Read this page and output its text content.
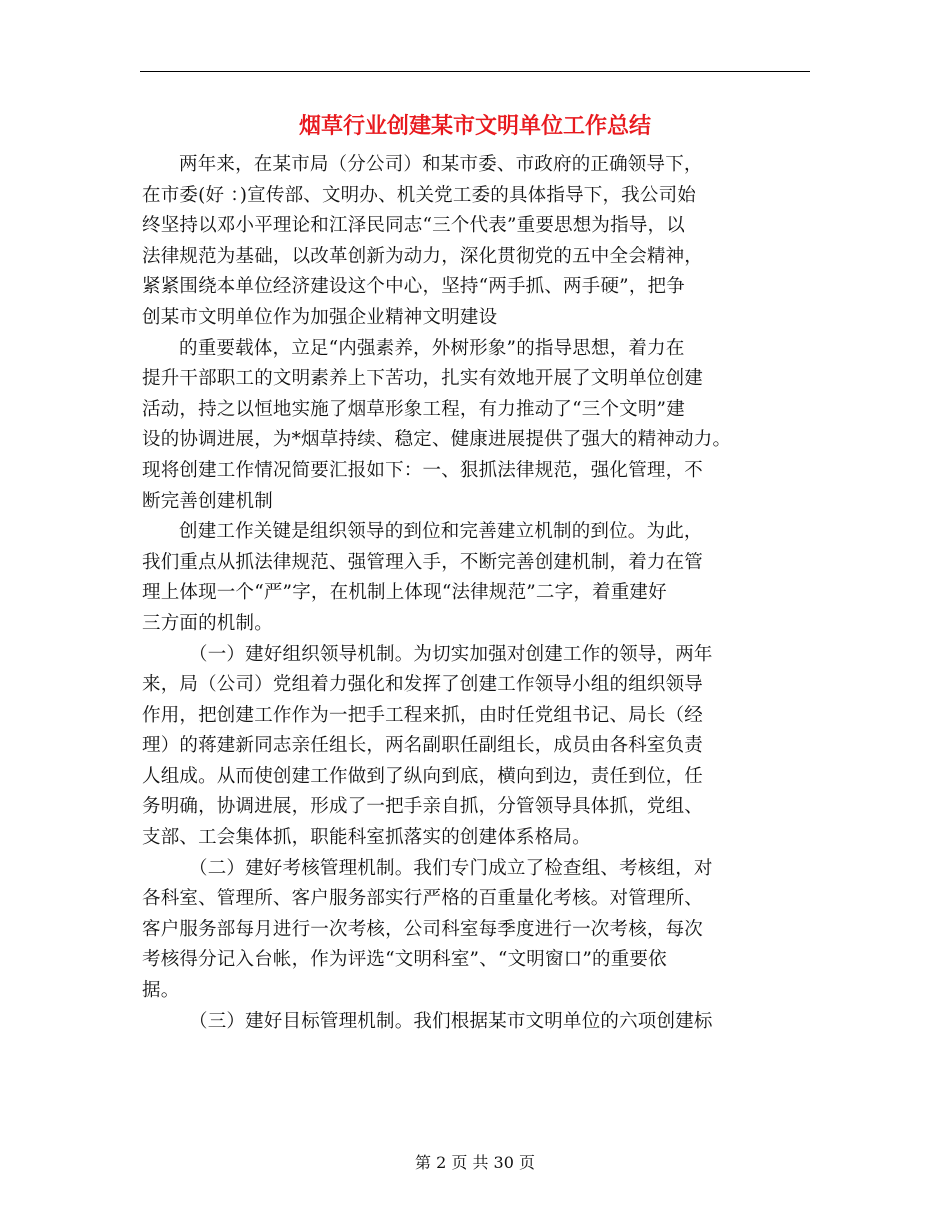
烟草行业创建某市文明单位工作总结
两年来，在某市局（分公司）和某市委、市政府的正确领导下，
在市委(好 ：)宣传部、文明办、机关党工委的具体指导下，我公司始
终坚持以邓小平理论和江泽民同志“三个代表”重要思想为指导，以
法律规范为基础，以改革创新为动力，深化贯彻党的五中全会精神，
紧紧围绕本单位经济建设这个中心，坚持“两手抓、两手硬”，把争
创某市文明单位作为加强企业精神文明建设
的重要载体，立足“内强素养，外树形象”的指导思想，着力在
提升干部职工的文明素养上下苦功，扎实有效地开展了文明单位创建
活动，持之以恒地实施了烟草形象工程，有力推动了“三个文明”建
设的协调进展，为*烟草持续、稳定、健康进展提供了强大的精神动力。
现将创建工作情况简要汇报如下：一、狠抓法律规范，强化管理，不
断完善创建机制
创建工作关键是组织领导的到位和完善建立机制的到位。为此，
我们重点从抓法律规范、强管理入手，不断完善创建机制，着力在管
理上体现一个“严”字，在机制上体现“法律规范”二字，着重建好
三方面的机制。
（一）建好组织领导机制。为切实加强对创建工作的领导，两年
来，局（公司）党组着力强化和发挥了创建工作领导小组的组织领导
作用，把创建工作作为一把手工程来抓，由时任党组书记、局长（经
理）的蒋建新同志亲任组长，两名副职任副组长，成员由各科室负责
人组成。从而使创建工作做到了纵向到底，横向到边，责任到位，任
务明确，协调进展，形成了一把手亲自抓，分管领导具体抓，党组、
支部、工会集体抓，职能科室抓落实的创建体系格局。
（二）建好考核管理机制。我们专门成立了检查组、考核组，对
各科室、管理所、客户服务部实行严格的百重量化考核。对管理所、
客户服务部每月进行一次考核，公司科室每季度进行一次考核，每次
考核得分记入台帐，作为评选“文明科室”、“文明窗口”的重要依
据。
（三）建好目标管理机制。我们根据某市文明单位的六项创建标
第 2 页 共 30 页
